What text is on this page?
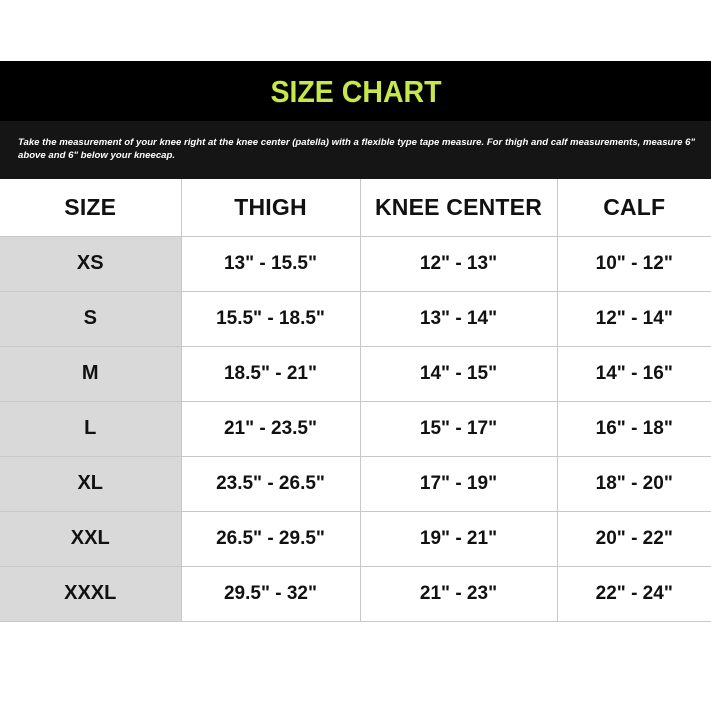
SIZE CHART
Take the measurement of your knee right at the knee center (patella) with a flexible type tape measure. For thigh and calf measurements, measure 6" above and 6" below your kneecap.
SIZE	THIGH	KNEE CENTER	CALF
XS	13" - 15.5"	12" - 13"	10" - 12"
S	15.5" - 18.5"	13" - 14"	12" - 14"
M	18.5" - 21"	14" - 15"	14" - 16"
L	21" - 23.5"	15" - 17"	16" - 18"
XL	23.5" - 26.5"	17" - 19"	18" - 20"
XXL	26.5" - 29.5"	19" - 21"	20" - 22"
XXXL	29.5" - 32"	21" - 23"	22" - 24"
